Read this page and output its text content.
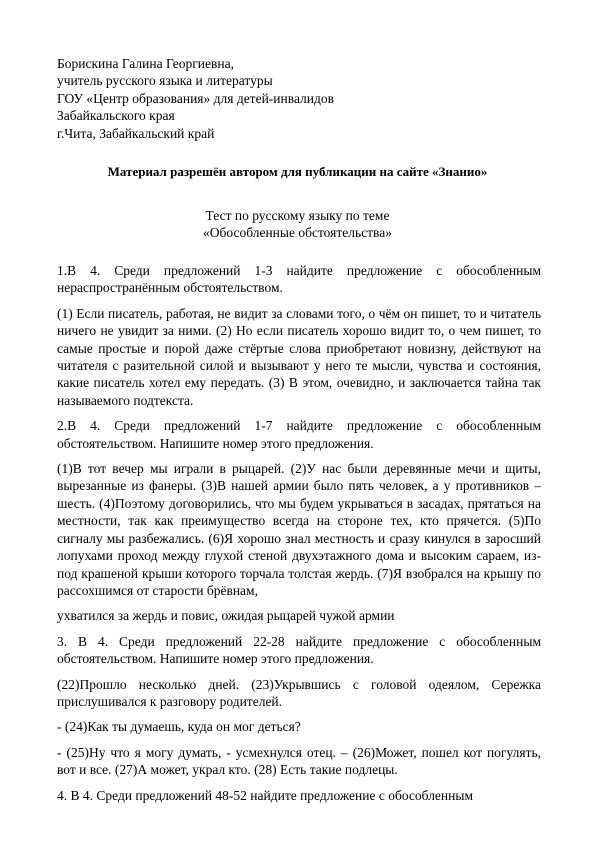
Борискина Галина Георгиевна,
учитель русского языка и литературы
ГОУ «Центр образования» для детей-инвалидов
Забайкальского края
г.Чита, Забайкальский край
Материал разрешён автором для публикации на сайте «Знанио»
Тест по русскому языку по теме
«Обособленные обстоятельства»

1.В 4. Среди предложений 1-3 найдите предложение с обособленным нераспространённым обстоятельством.

(1) Если писатель, работая, не видит за словами того, о чём он пишет, то и читатель ничего не увидит за ними. (2) Но если писатель хорошо видит то, о чем пишет, то самые простые и порой даже стёртые слова приобретают новизну, действуют на читателя с разительной силой и вызывают у него те мысли, чувства и состояния, какие писатель хотел ему передать. (3) В этом, очевидно, и заключается тайна так называемого подтекста.

2.В 4. Среди предложений 1-7 найдите предложение с обособленным обстоятельством. Напишите номер этого предложения.

(1)В тот вечер мы играли в рыцарей. (2)У нас были деревянные мечи и щиты, вырезанные из фанеры. (3)В нашей армии было пять человек, а у противников – шесть. (4)Поэтому договорились, что мы будем укрываться в засадах, прятаться на местности, так как преимущество всегда на стороне тех, кто прячется. (5)По сигналу мы разбежались. (6)Я хорошо знал местность и сразу кинулся в заросший лопухами проход между глухой стеной двухэтажного дома и высоким сараем, из-под крашеной крыши которого торчала толстая жердь. (7)Я взобрался на крышу по рассохшимся от старости брёвнам,

ухватился за жердь и повис, ожидая рыцарей чужой армии

3. В 4. Среди предложений 22-28 найдите предложение с обособленным обстоятельством. Напишите номер этого предложения.

(22)Прошло несколько дней. (23)Укрывшись с головой одеялом, Сережка прислушивался к разговору родителей.

- (24)Как ты думаешь, куда он мог деться?

- (25)Ну что я могу думать, - усмехнулся отец. – (26)Может, пошел кот погулять, вот и все. (27)А может, украл кто. (28) Есть такие подлецы.

4. В 4. Среди предложений 48-52 найдите предложение с обособленным
